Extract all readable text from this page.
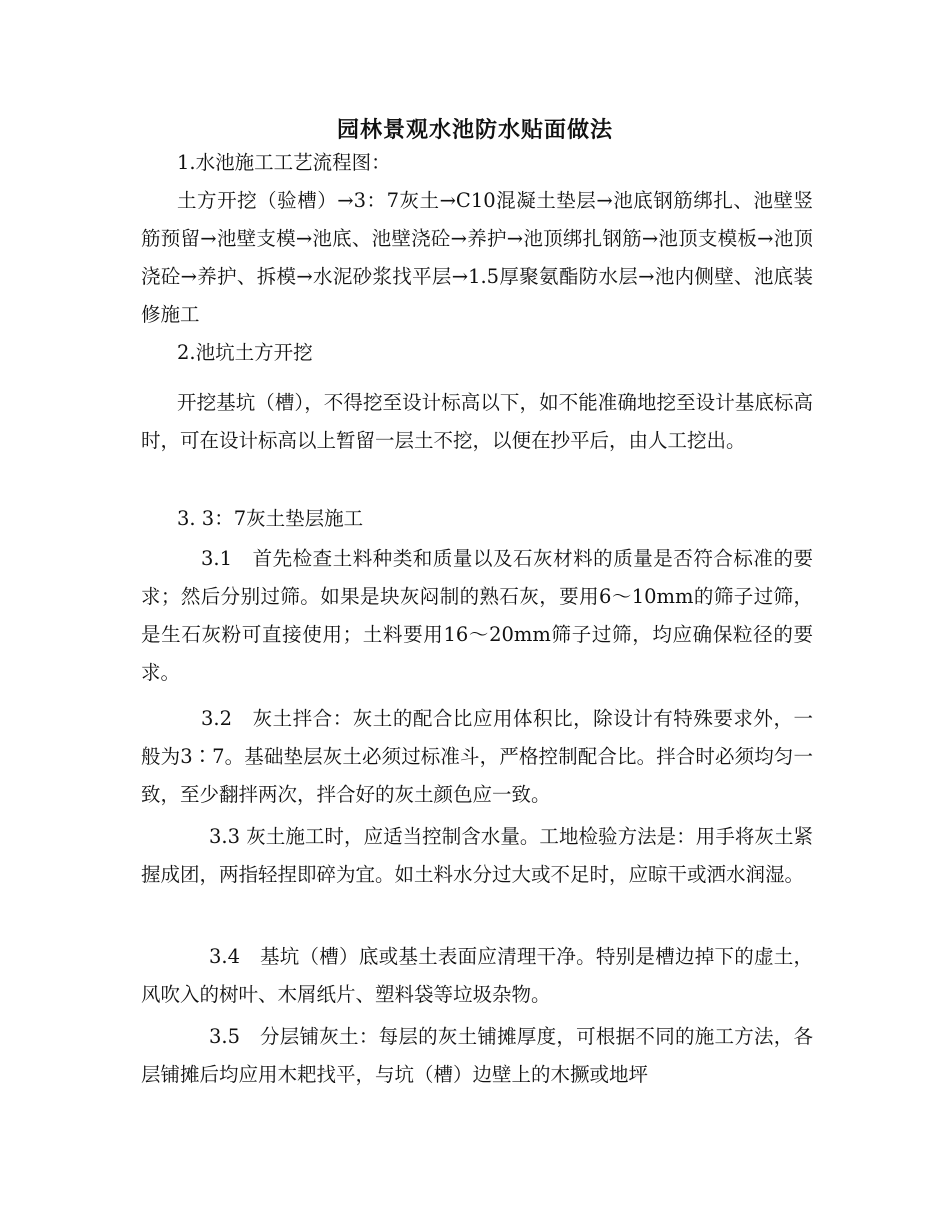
园林景观水池防水贴面做法

1.水池施工工艺流程图：

土方开挖（验槽）→3：7灰土→C10混凝土垫层→池底钢筋绑扎、池壁竖筋预留→池壁支模→池底、池壁浇砼→养护→池顶绑扎钢筋→池顶支模板→池顶浇砼→养护、拆模→水泥砂浆找平层→1.5厚聚氨酯防水层→池内侧壁、池底装修施工

2.池坑土方开挖

开挖基坑（槽），不得挖至设计标高以下，如不能准确地挖至设计基底标高时，可在设计标高以上暂留一层土不挖，以便在抄平后，由人工挖出。

3. 3：7灰土垫层施工

3.1　首先检查土料种类和质量以及石灰材料的质量是否符合标准的要求；然后分别过筛。如果是块灰闷制的熟石灰，要用6～10mm的筛子过筛，是生石灰粉可直接使用；土料要用16～20mm筛子过筛，均应确保粒径的要求。

3.2　灰土拌合：灰土的配合比应用体积比，除设计有特殊要求外，一般为3∶7。基础垫层灰土必须过标准斗，严格控制配合比。拌合时必须均匀一致，至少翻拌两次，拌合好的灰土颜色应一致。

3.3 灰土施工时，应适当控制含水量。工地检验方法是：用手将灰土紧握成团，两指轻捏即碎为宜。如土料水分过大或不足时，应晾干或洒水润湿。

3.4　基坑（槽）底或基土表面应清理干净。特别是槽边掉下的虚土，风吹入的树叶、木屑纸片、塑料袋等垃圾杂物。

3.5　分层铺灰土：每层的灰土铺摊厚度，可根据不同的施工方法，各层铺摊后均应用木耙找平，与坑（槽）边壁上的木撅或地坪
